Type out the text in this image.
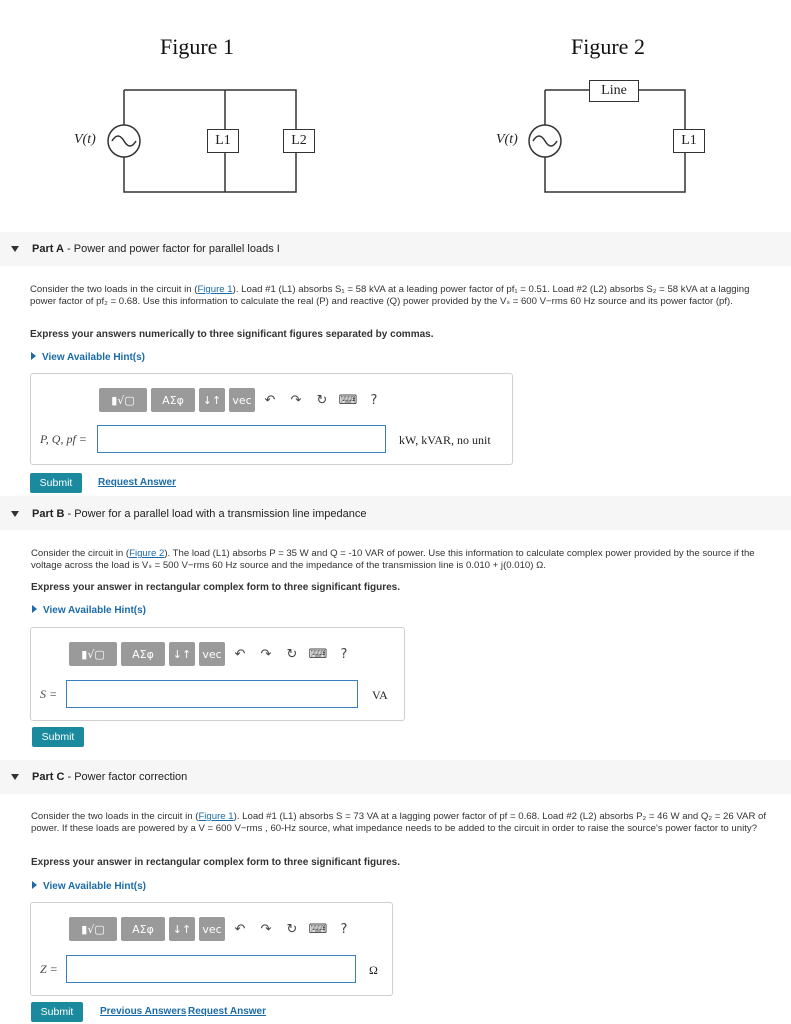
Figure 1
V(t)	L1	L2
Figure 2
V(t)
Line
L1
Part A - Power and power factor for parallel loads I
Consider the two loads in the circuit in (Figure 1). Load #1 (L1) absorbs S₁ = 58 kVA at a leading power factor of pf₁ = 0.51. Load #2 (L2) absorbs S₂ = 58 kVA at a lagging power factor of pf₂ = 0.68. Use this information to calculate the real (P) and reactive (Q) power provided by the Vₛ = 600 V−rms 60 Hz source and its power factor (pf).
Express your answers numerically to three significant figures separated by commas.
View Available Hint(s)
▮√▢	ΑΣφ	↓↑	vec ↶	↷	↻ ⌨	?
P, Q, pf =	kW, kVAR, no unit
Submit	Request Answer
Part B - Power for a parallel load with a transmission line impedance
Consider the circuit in (Figure 2). The load (L1) absorbs P = 35 W and Q = -10 VAR of power. Use this information to calculate complex power provided by the source if the voltage across the load is Vₛ = 500 V−rms 60 Hz source and the impedance of the transmission line is 0.010 + j(0.010) Ω.
Express your answer in rectangular complex form to three significant figures.
View Available Hint(s)
▮√▢	ΑΣφ	↓↑	vec ↶	↷	↻ ⌨	?
S =	VA
Submit
Part C - Power factor correction
Consider the two loads in the circuit in (Figure 1). Load #1 (L1) absorbs S = 73 VA at a lagging power factor of pf = 0.68. Load #2 (L2) absorbs P₂ = 46 W and Q₂ = 26 VAR of power. If these loads are powered by a V = 600 V−rms , 60-Hz source, what impedance needs to be added to the circuit in order to raise the source's power factor to unity?
Express your answer in rectangular complex form to three significant figures.
View Available Hint(s)
▮√▢	ΑΣφ	↓↑	vec ↶	↷	↻ ⌨	?
Z =	Ω
Submit	Previous Answers Request Answer
